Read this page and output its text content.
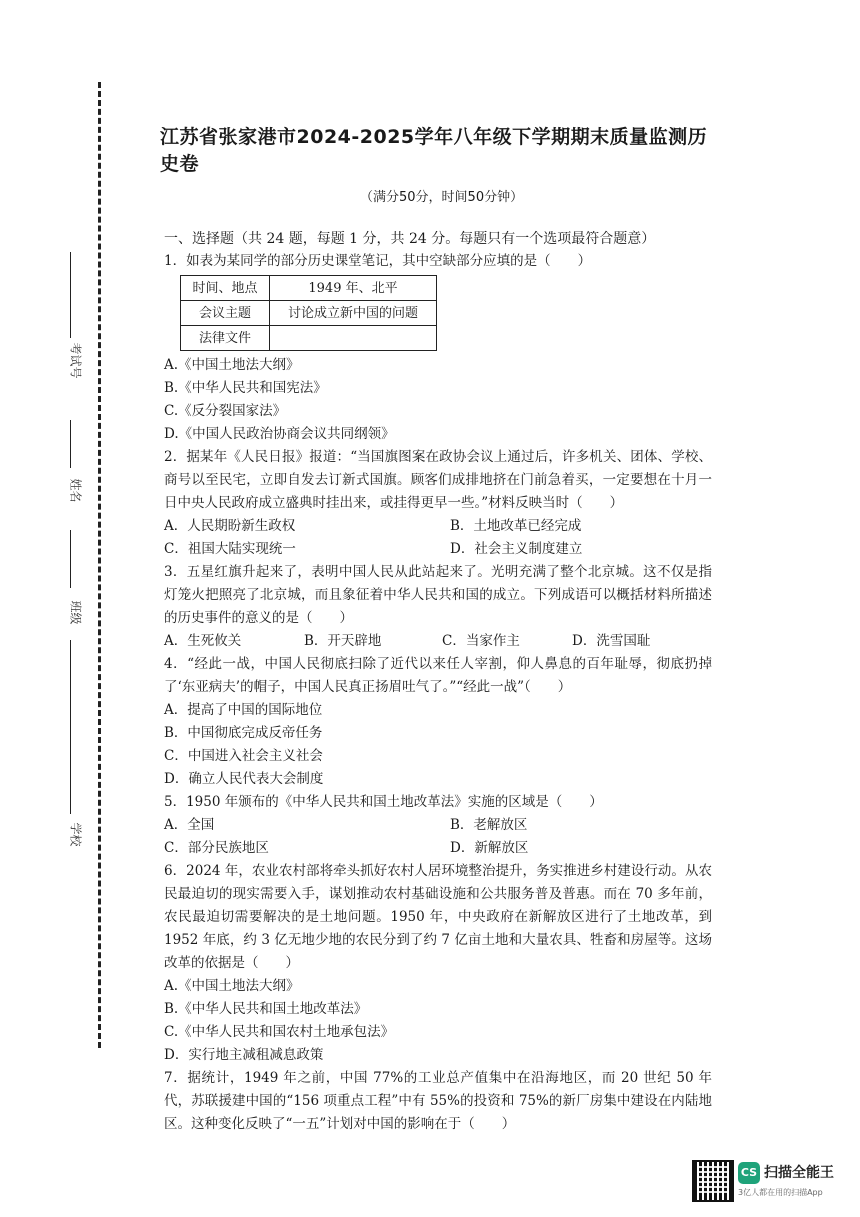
考试号
姓名
班级
学校
江苏省张家港市2024-2025学年八年级下学期期末质量监测历史卷
（满分50分，时间50分钟）
一、选择题（共 24 题，每题 1 分，共 24 分。每题只有一个选项最符合题意）

1．如表为某同学的部分历史课堂笔记，其中空缺部分应填的是（　　）

时间、地点	1949 年、北平
会议主题	讨论成立新中国的问题
法律文件	

A.《中国土地法大纲》

B.《中华人民共和国宪法》

C.《反分裂国家法》

D.《中国人民政治协商会议共同纲领》

2．据某年《人民日报》报道：“当国旗图案在政协会议上通过后，许多机关、团体、学校、商号以至民宅，立即自发去订新式国旗。顾客们成排地挤在门前急着买，一定要想在十月一日中央人民政府成立盛典时挂出来，或挂得更早一些。”材料反映当时（　　）

A．人民期盼新生政权	B．土地改革已经完成
C．祖国大陆实现统一	D．社会主义制度建立

3．五星红旗升起来了，表明中国人民从此站起来了。光明充满了整个北京城。这不仅是指灯笼火把照亮了北京城，而且象征着中华人民共和国的成立。下列成语可以概括材料所描述的历史事件的意义的是（　　）

A．生死攸关	B．开天辟地	C．当家作主	D．洗雪国耻

4．“经此一战，中国人民彻底扫除了近代以来任人宰割，仰人鼻息的百年耻辱，彻底扔掉了‘东亚病夫’的帽子，中国人民真正扬眉吐气了。”“经此一战”（　　）

A．提高了中国的国际地位

B．中国彻底完成反帝任务

C．中国进入社会主义社会

D．确立人民代表大会制度

5．1950 年颁布的《中华人民共和国土地改革法》实施的区域是（　　）

A．全国	B．老解放区
C．部分民族地区	D．新解放区

6．2024 年，农业农村部将牵头抓好农村人居环境整治提升，务实推进乡村建设行动。从农民最迫切的现实需要入手，谋划推动农村基础设施和公共服务普及普惠。而在 70 多年前，农民最迫切需要解决的是土地问题。1950 年，中央政府在新解放区进行了土地改革，到 1952 年底，约 3 亿无地少地的农民分到了约 7 亿亩土地和大量农具、牲畜和房屋等。这场改革的依据是（　　）

A.《中国土地法大纲》

B.《中华人民共和国土地改革法》

C.《中华人民共和国农村土地承包法》

D．实行地主减租减息政策

7．据统计，1949 年之前，中国 77%的工业总产值集中在沿海地区，而 20 世纪 50 年代，苏联援建中国的“156 项重点工程”中有 55%的投资和 75%的新厂房集中建设在内陆地区。这种变化反映了“一五”计划对中国的影响在于（　　）

CS 扫描全能王
3亿人都在用的扫描App
